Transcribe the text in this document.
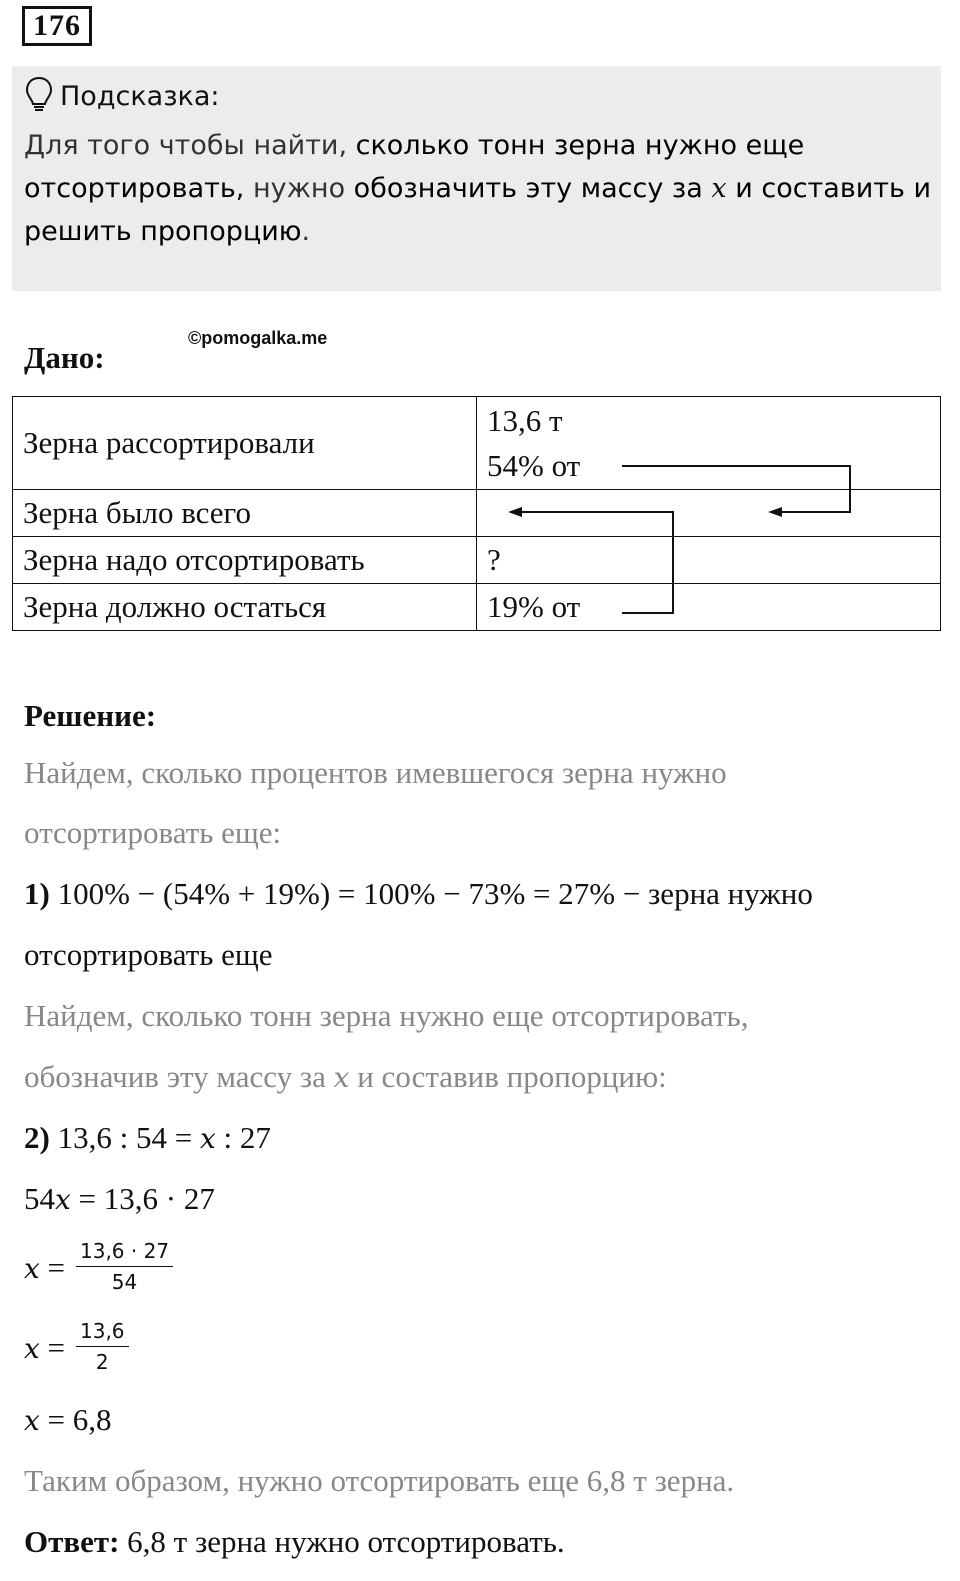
176
Подсказка:
Для того чтобы найти, сколько тонн зерна нужно еще отсортировать, нужно обозначить эту массу за x и составить и решить пропорцию.
Дано:
©pomogalka.me
Зерна рассортировали	13,6 т
54% от

Зерна было всего	
Зерна надо отсортировать	?
Зерна должно остаться	19% от
Решение:
Найдем, сколько процентов имевшегося зерна нужно
отсортировать еще:
1) 100% − (54% + 19%) = 100% − 73% = 27% − зерна нужно
отсортировать еще
Найдем, сколько тонн зерна нужно еще отсортировать,
обозначив эту массу за x и составив пропорцию:
2) 13,6 : 54 = x : 27
54x = 13,6 · 27
$x = \frac{13,6 \cdot 27}{54}$
$x = \frac{13,6}{2}$
x = 6,8
Таким образом, нужно отсортировать еще 6,8 т зерна.
Ответ: 6,8 т зерна нужно отсортировать.
